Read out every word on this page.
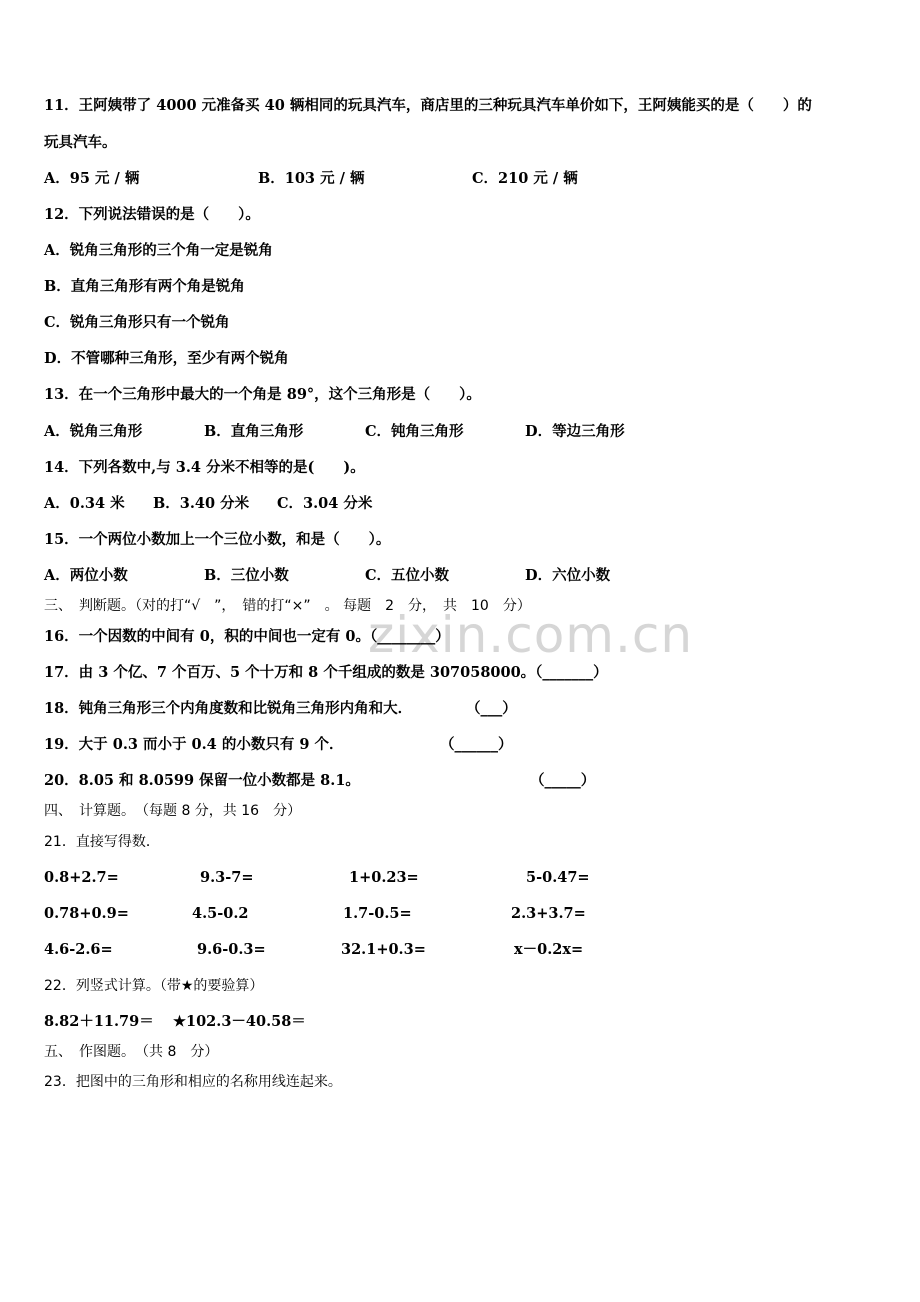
zixin.com.cn
11．王阿姨带了 4000 元准备买 40 辆相同的玩具汽车，商店里的三种玩具汽车单价如下，王阿姨能买的是（　　）的
玩具汽车。
A．95 元 / 辆	B．103 元 / 辆	C．210 元 / 辆
12．下列说法错误的是（　　）。
A．锐角三角形的三个角一定是锐角
B．直角三角形有两个角是锐角
C．锐角三角形只有一个锐角
D．不管哪种三角形，至少有两个锐角
13．在一个三角形中最大的一个角是 89°，这个三角形是（　　）。
A．锐角三角形	B．直角三角形	C．钝角三角形	D．等边三角形
14．下列各数中,与 3.4 分米不相等的是(　　)。
A．0.34 米 B．3.40 分米 C．3.04 分米
15．一个两位小数加上一个三位小数，和是（　　）。
A．两位小数	B．三位小数	C．五位小数	D．六位小数
三、　判断题。（对的打“√　”，　错的打“×”　。 每题　2　分，　共　10　分）
16．一个因数的中间有 0，积的中间也一定有 0。（________）
17．由 3 个亿、7 个百万、5 个十万和 8 个千组成的数是 307058000。（_______）
18．钝角三角形三个内角度数和比锐角三角形内角和大．	（___）
19．大于 0.3 而小于 0.4 的小数只有 9 个．	（______）
20．8.05 和 8.0599 保留一位小数都是 8.1。	（_____）
四、　计算题。　（每题 8 分，共 16　分）
21．直接写得数．
0.8+2.7=	9.3-7=	1+0.23=	5-0.47=
0.78+0.9=	4.5-0.2	1.7-0.5=	2.3+3.7=
4.6-2.6=	9.6-0.3=	32.1+0.3=	x－0.2x=
22．列竖式计算。（带★的要验算）
8.82＋11.79＝ ★102.3－40.58＝
五、　作图题。　（共 8　分）
23．把图中的三角形和相应的名称用线连起来。
